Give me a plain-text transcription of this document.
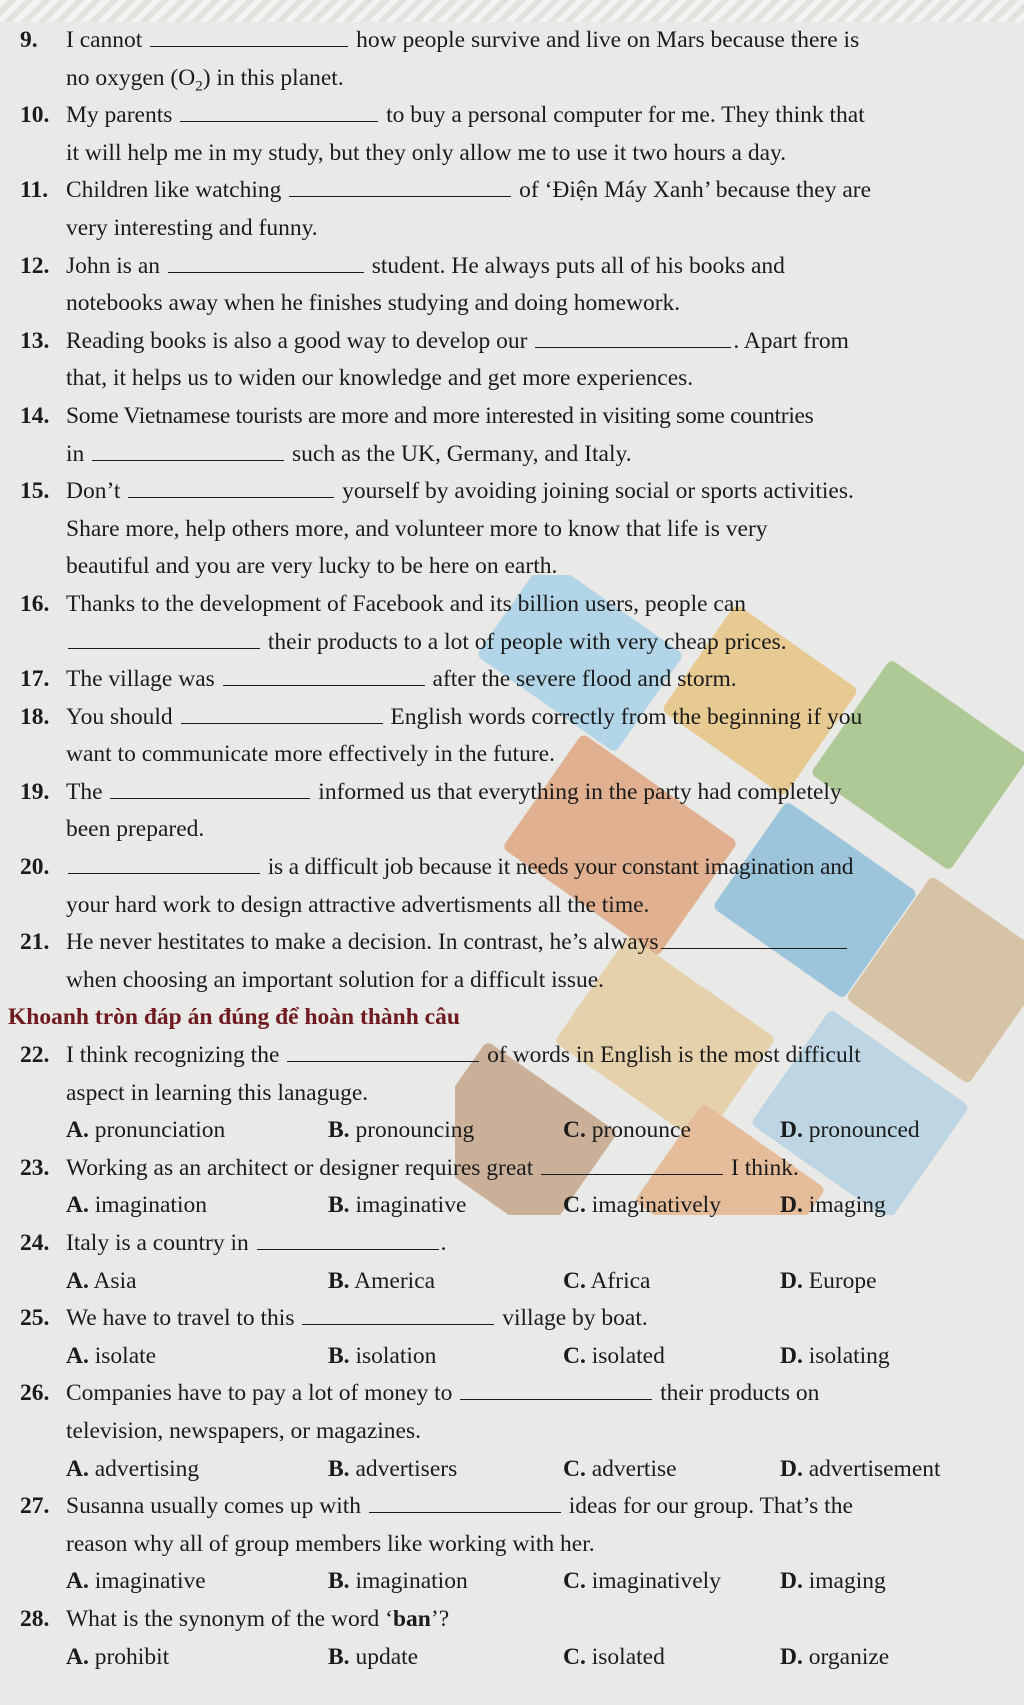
9. I cannot	how people survive and live on Mars because there is
no oxygen $(O_2)$ in this planet.
10. My parents	to buy a personal computer for me. They think that
it will help me in my study, but they only allow me to use it two hours a day.
11. Children like watching	of ‘Điện Máy Xanh’ because they are
very interesting and funny.
12. John is an	student. He always puts all of his books and
notebooks away when he finishes studying and doing homework.
13. Reading books is also a good way to develop our	. Apart from
that, it helps us to widen our knowledge and get more experiences.
14. Some Vietnamese tourists are more and more interested in visiting some countries
in	such as the UK, Germany, and Italy.
15. Don’t	yourself by avoiding joining social or sports activities.
Share more, help others more, and volunteer more to know that life is very
beautiful and you are very lucky to be here on earth.
16. Thanks to the development of Facebook and its billion users, people can
their products to a lot of people with very cheap prices.
17. The village was	after the severe flood and storm.
18. You should	English words correctly from the beginning if you
want to communicate more effectively in the future.
19. The	informed us that everything in the party had completely
been prepared.
20.	is a difficult job because it needs your constant imagination and
your hard work to design attractive advertisments all the time.
21. He never hestitates to make a decision. In contrast, he’s always
when choosing an important solution for a difficult issue.
Khoanh tròn đáp án đúng để hoàn thành câu
22. I think recognizing the	of words in English is the most difficult
aspect in learning this lanaguge.
A. pronunciation	B. pronouncing	C. pronounce	D. pronounced
23. Working as an architect or designer requires great	I think.
A. imagination	B. imaginative	C. imaginatively	D. imaging
24. Italy is a country in	.
A. Asia	B. America	C. Africa	D. Europe
25. We have to travel to this	village by boat.
A. isolate	B. isolation	C. isolated	D. isolating
26. Companies have to pay a lot of money to	their products on
television, newspapers, or magazines.
A. advertising	B. advertisers	C. advertise	D. advertisement
27. Susanna usually comes up with	ideas for our group. That’s the
reason why all of group members like working with her.
A. imaginative	B. imagination	C. imaginatively	D. imaging
28. What is the synonym of the word ‘ban’?
A. prohibit	B. update	C. isolated	D. organize
